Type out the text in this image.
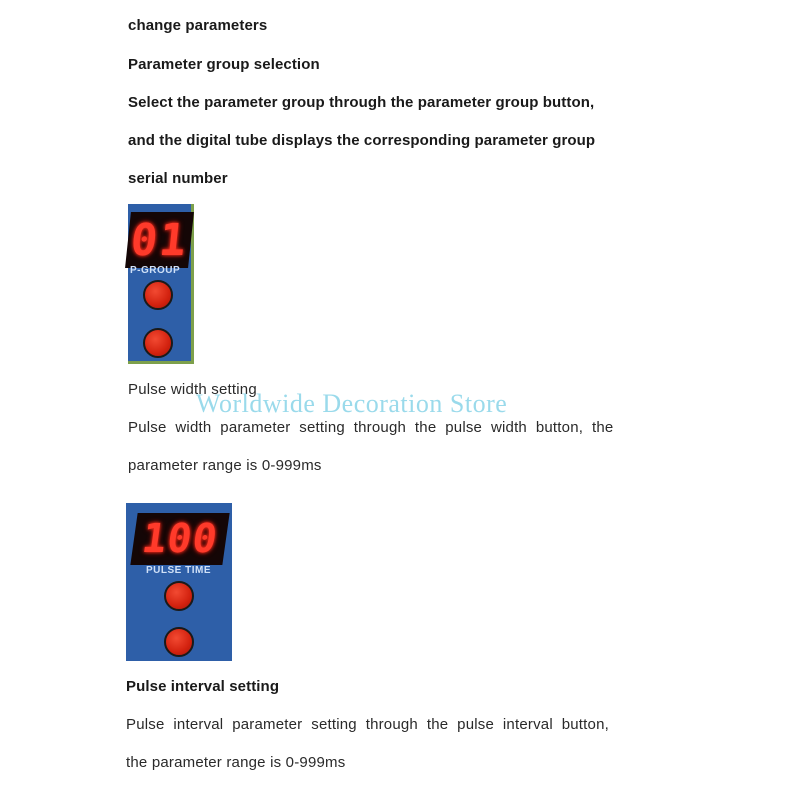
change parameters
Parameter group selection
Select the parameter group through the parameter group button,
and the digital tube displays the corresponding parameter group
serial number
01
P-GROUP
Pulse width setting
Worldwide Decoration Store
Pulse width parameter setting through the pulse width button, the
parameter range is 0-999ms
100
PULSE TIME
Pulse interval setting
Pulse interval parameter setting through the pulse interval button,
the parameter range is 0-999ms
